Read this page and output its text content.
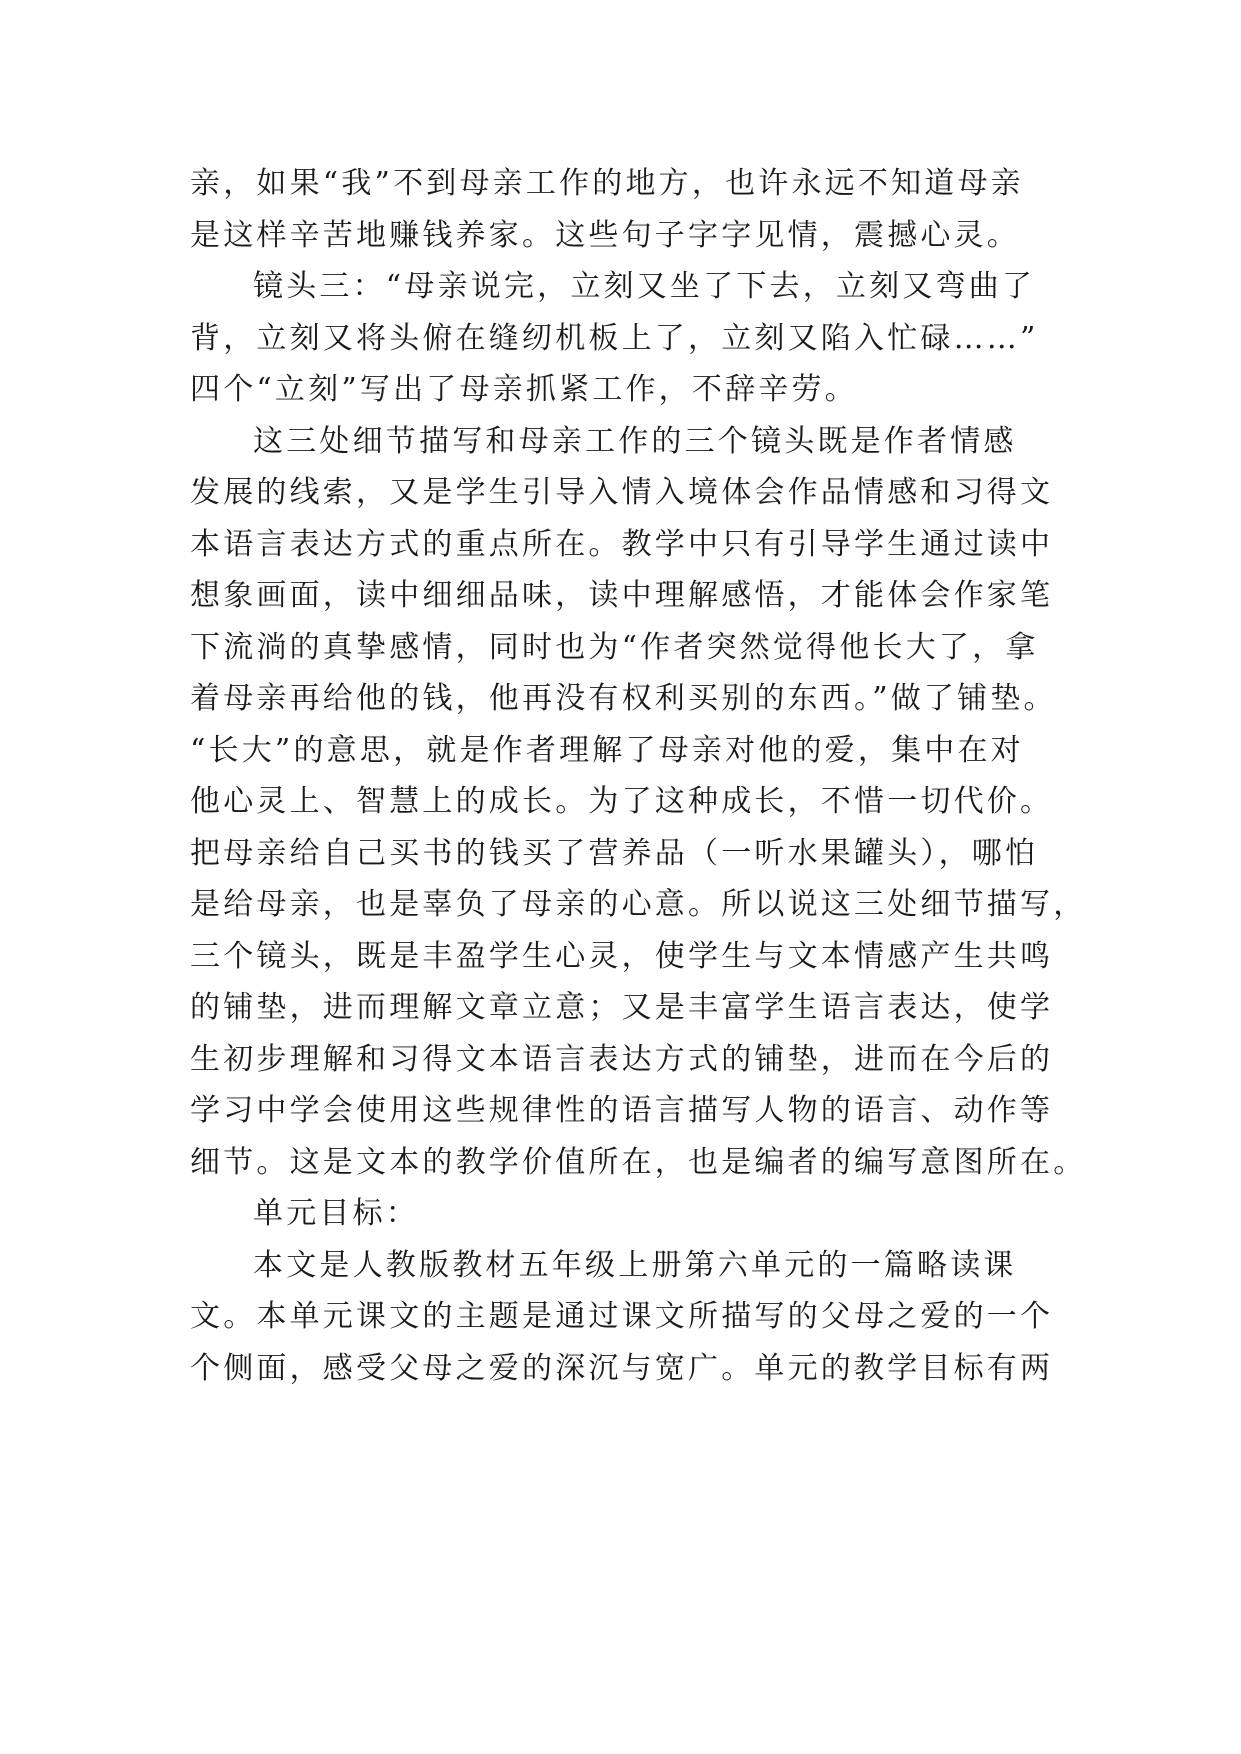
亲，如果“我”不到母亲工作的地方，也许永远不知道母亲
是这样辛苦地赚钱养家。这些句子字字见情，震撼心灵。
镜头三：“母亲说完，立刻又坐了下去，立刻又弯曲了
背，立刻又将头俯在缝纫机板上了，立刻又陷入忙碌……”
四个“立刻”写出了母亲抓紧工作，不辞辛劳。
这三处细节描写和母亲工作的三个镜头既是作者情感
发展的线索，又是学生引导入情入境体会作品情感和习得文
本语言表达方式的重点所在。教学中只有引导学生通过读中
想象画面，读中细细品味，读中理解感悟，才能体会作家笔
下流淌的真挚感情，同时也为“作者突然觉得他长大了，拿
着母亲再给他的钱，他再没有权利买别的东西。”做了铺垫。
“长大”的意思，就是作者理解了母亲对他的爱，集中在对
他心灵上、智慧上的成长。为了这种成长，不惜一切代价。
把母亲给自己买书的钱买了营养品（一听水果罐头），哪怕
是给母亲，也是辜负了母亲的心意。所以说这三处细节描写，
三个镜头，既是丰盈学生心灵，使学生与文本情感产生共鸣
的铺垫，进而理解文章立意；又是丰富学生语言表达，使学
生初步理解和习得文本语言表达方式的铺垫，进而在今后的
学习中学会使用这些规律性的语言描写人物的语言、动作等
细节。这是文本的教学价值所在，也是编者的编写意图所在。
单元目标：
本文是人教版教材五年级上册第六单元的一篇略读课
文。本单元课文的主题是通过课文所描写的父母之爱的一个
个侧面，感受父母之爱的深沉与宽广。单元的教学目标有两
